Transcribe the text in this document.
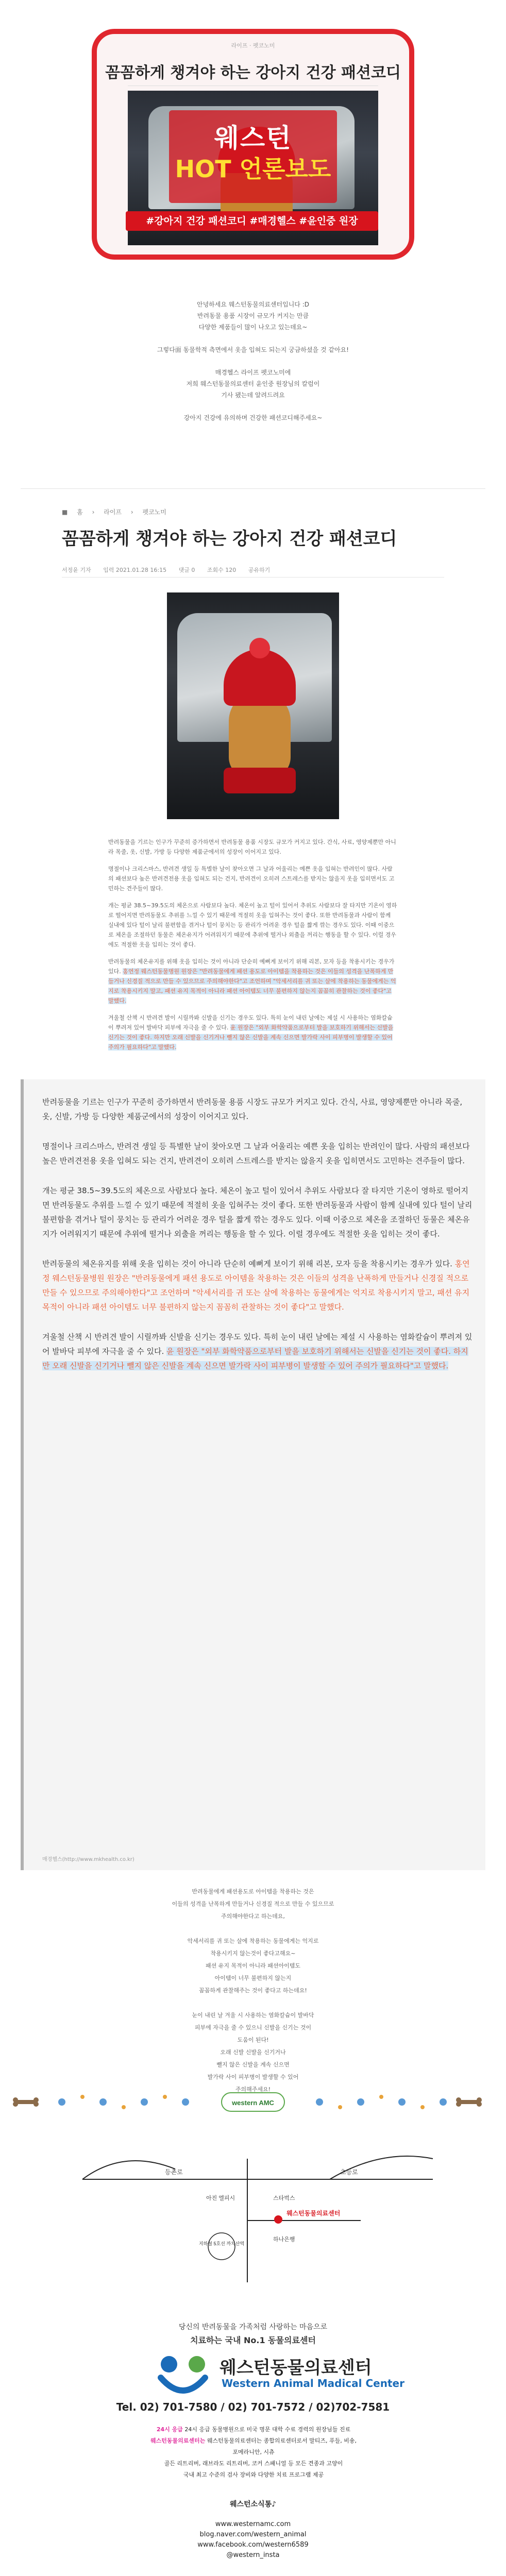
라이프 · 펫코노미
꼼꼼하게 챙겨야 하는 강아지 건강 패션코디
웨스턴
HOT 언론보도
#강아지 건강 패션코디 #매경헬스 #윤인중 원장

안녕하세요 웨스턴동물의료센터입니다 :D

반려동물 용품 시장이 규모가 커지는 만큼

다양한 제품들이 많이 나오고 있는데요~

그렇다面 동물학적 측면에서 옷을 입혀도 되는지 궁금하셨을 것 같아요!

매경헬스 라이프 펫코노미에

저희 웨스턴동물의료센터 윤인중 원장님의 칼럼이

기사 됐는데 알려드려요

강아지 건강에 유의하며 건강한 패션코디해주세요~

■ 홈 › 라이프 › 펫코노미
꼼꼼하게 챙겨야 하는 강아지 건강 패션코디
서정윤 기자 입력 2021.01.28 16:15 댓글 0 조회수 120 공유하기

반려동물을 기르는 인구가 꾸준히 증가하면서 반려동물 용품 시장도 규모가 커지고 있다. 간식, 사료, 영양제뿐만 아니라 목줄, 옷, 신발, 가방 등 다양한 제품군에서의 성장이 이어지고 있다.

명절이나 크리스마스, 반려견 생일 등 특별한 날이 찾아오면 그 날과 어울리는 예쁜 옷을 입혀는 반려인이 많다. 사람의 패션보다 높은 반려견전용 옷을 입혀도 되는 건지, 반려견이 오히려 스트레스를 받지는 않을지 옷을 입히면서도 고민하는 견주들이 많다.

개는 평균 38.5~39.5도의 체온으로 사람보다 높다. 체온이 높고 털이 있어서 추위도 사람보다 잘 타지만 기온이 영하로 떨어지면 반려동물도 추위를 느낄 수 있기 때문에 적절히 옷을 입혀주는 것이 좋다. 또한 반려동물과 사람이 함께 실내에 있다 털이 날리 불편함을 겪거나 털이 뭉치는 등 관리가 어려운 경우 털을 짧게 깎는 경우도 있다. 이때 이중으로 체온을 조절하던 동물은 체온유지가 어려워지기 때문에 추위에 떨거나 외출을 꺼리는 행동을 할 수 있다. 이럴 경우에도 적절한 옷을 입히는 것이 좋다.

반려동물의 체온유지를 위해 옷을 입히는 것이 아니라 단순히 예뻐게 보이기 위해 리본, 모자 등을 착용시키는 경우가 있다. 홍연정 웨스턴동물병원 원장은 "반려동물에게 패션 용도로 아이템을 착용하는 것은 이들의 성격을 난폭하게 만들거나 신경질 적으로 만들 수 있으므로 주의해야한다"고 조언하며 "악세서리를 귀 또는 살에 착용하는 동물에게는 억지로 착용시키지 말고, 패션 유지 목적이 아니라 패션 아이템도 너무 불편하지 않는지 꼼꼼히 관찰하는 것이 좋다"고 말했다.

겨울철 산책 시 반려견 발이 시릴까봐 신발을 신기는 경우도 있다. 특히 눈이 내린 날에는 제설 시 사용하는 염화칼슘이 뿌려져 있어 발바닥 피부에 자극을 줄 수 있다. 윤 원장은 "외부 화학약품으로부터 발을 보호하기 위해서는 신발을 신기는 것이 좋다. 하지만 오래 신발을 신기거나 뺄지 않은 신발을 계속 신으면 발가락 사이 피부병이 발생할 수 있어 주의가 필요하다"고 말했다.

반려동물을 기르는 인구가 꾸준히 증가하면서 반려동물 용품 시장도 규모가 커지고 있다. 간식, 사료, 영양제뿐만 아니라 목줄, 옷, 신발, 가방 등 다양한 제품군에서의 성장이 이어지고 있다.

명절이나 크리스마스, 반려견 생일 등 특별한 날이 찾아오면 그 날과 어울리는 예쁜 옷을 입히는 반려인이 많다. 사람의 패션보다 높은 반려견전용 옷을 입혀도 되는 건지, 반려견이 오히려 스트레스를 받지는 않을지 옷을 입히면서도 고민하는 견주들이 많다.

개는 평균 38.5~39.5도의 체온으로 사람보다 높다. 체온이 높고 털이 있어서 추위도 사람보다 잘 타지만 기온이 영하로 떨어지면 반려동물도 추위를 느낄 수 있기 때문에 적절히 옷을 입혀주는 것이 좋다. 또한 반려동물과 사람이 함께 실내에 있다 털이 날리 불편함을 겪거나 털이 뭉치는 등 관리가 어려운 경우 털을 짧게 깎는 경우도 있다. 이때 이중으로 체온을 조절하던 동물은 체온유지가 어려워지기 때문에 추위에 떨거나 외출을 꺼리는 행동을 할 수 있다. 이럴 경우에도 적절한 옷을 입히는 것이 좋다.

반려동물의 체온유지를 위해 옷을 입히는 것이 아니라 단순히 예뻐게 보이기 위해 리본, 모자 등을 착용시키는 경우가 있다. 홍연정 웨스턴동물병원 원장은 "반려동물에게 패션 용도로 아이템을 착용하는 것은 이들의 성격을 난폭하게 만들거나 신경질 적으로 만들 수 있으므로 주의해야한다"고 조언하며 "악세서리를 귀 또는 살에 착용하는 동물에게는 억지로 착용시키지 말고, 패션 유지 목적이 아니라 패션 아이템도 너무 불편하지 않는지 꼼꼼히 관찰하는 것이 좋다"고 말했다.

겨울철 산책 시 반려견 발이 시릴까봐 신발을 신기는 경우도 있다. 특히 눈이 내린 날에는 제설 시 사용하는 염화칼슘이 뿌려져 있어 발바닥 피부에 자극을 줄 수 있다. 윤 원장은 "외부 화학약품으로부터 발을 보호하기 위해서는 신발을 신기는 것이 좋다. 하지만 오래 신발을 신기거나 뺄지 않은 신발을 계속 신으면 발가락 사이 피부병이 발생할 수 있어 주의가 필요하다"고 말했다.

매경헬스(http://www.mkhealth.co.kr)

반려동물에게 패션용도로 아이템을 착용하는 것은

이들의 성격을 난폭하게 만들거나 신경질 적으로 만들 수 있으므로

주의해야한다고 하는데요,

악세서리를 귀 또는 살에 착용하는 동물에게는 억지로

착용시키지 않는것이 좋다고해요~

패션 유지 목적이 아니라 패션아이템도

아이템이 너무 불편하지 않는지

꼼꼼하게 관찰해주는 것이 좋다고 하는데요!

눈이 내린 날 겨울 시 사용하는 염화칼슘이 발바닥

피부에 자극을 줄 수 있으니 신발을 신기는 것이

도움이 된다!

오래 신발 신발을 신기거나

뺄지 않은 신발을 계속 신으면

발가락 사이 피부병이 발생할 수 있어

주의해주세요!

western AMC
등촌로	초등로
아진 엘피시	스타벅스
하나은행
지하철 5호선 까치산역
웨스턴동물의료센터
당신의 반려동물을 가족처럼 사랑하는 마음으로
치료하는 국내 No.1 동물의료센터
웨스턴동물의료센터
Western Animal Madical Center
Tel. 02) 701-7580 / 02) 701-7572 / 02)702-7581

24시 응급 24시 응급 동물병원으로 미국 명문 대학 수료 경력의 원장님들 진료

웨스턴동물의료센터는 웨스턴동물의료센터는 종합의료센터로서 말티즈, 푸들, 비숑, 포메라니안, 시츄

골든 리트리버, 래브라도 리트리버, 코커 스패니얼 등 모든 견종과 고양이

국내 최고 수준의 검사 장비와 다양한 치료 프로그램 제공

웨스턴소식통♪

www.westernamc.com

blog.naver.com/western_animal

www.facebook.com/western6589

@western_insta
